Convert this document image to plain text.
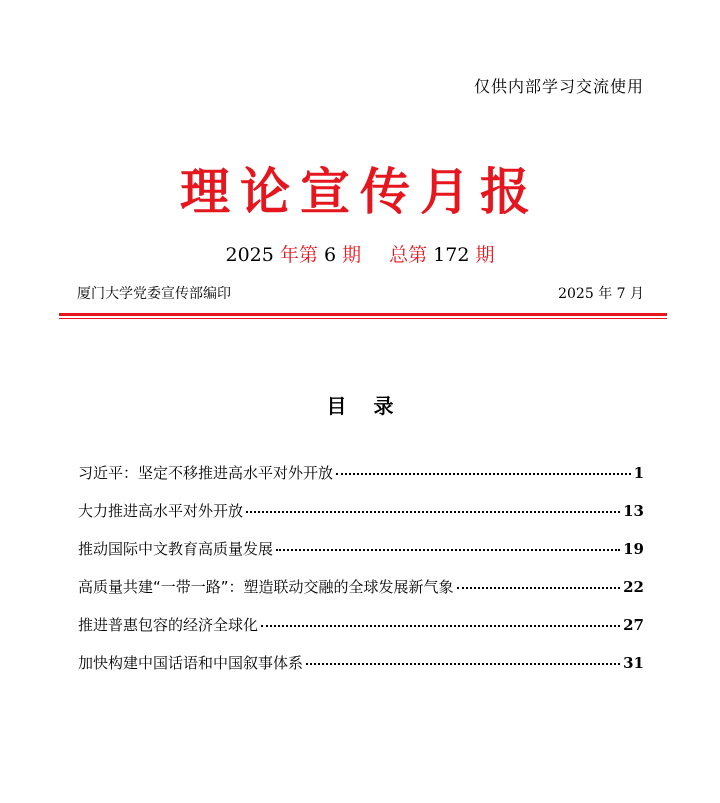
仅供内部学习交流使用
理论宣传月报
2025 年第 6 期 总第 172 期
厦门大学党委宣传部编印	2025 年 7 月
目 录
习近平：坚定不移推进高水平对外开放	1
大力推进高水平对外开放	13
推动国际中文教育高质量发展	19
高质量共建“一带一路”：塑造联动交融的全球发展新气象	22
推进普惠包容的经济全球化	27
加快构建中国话语和中国叙事体系	31
